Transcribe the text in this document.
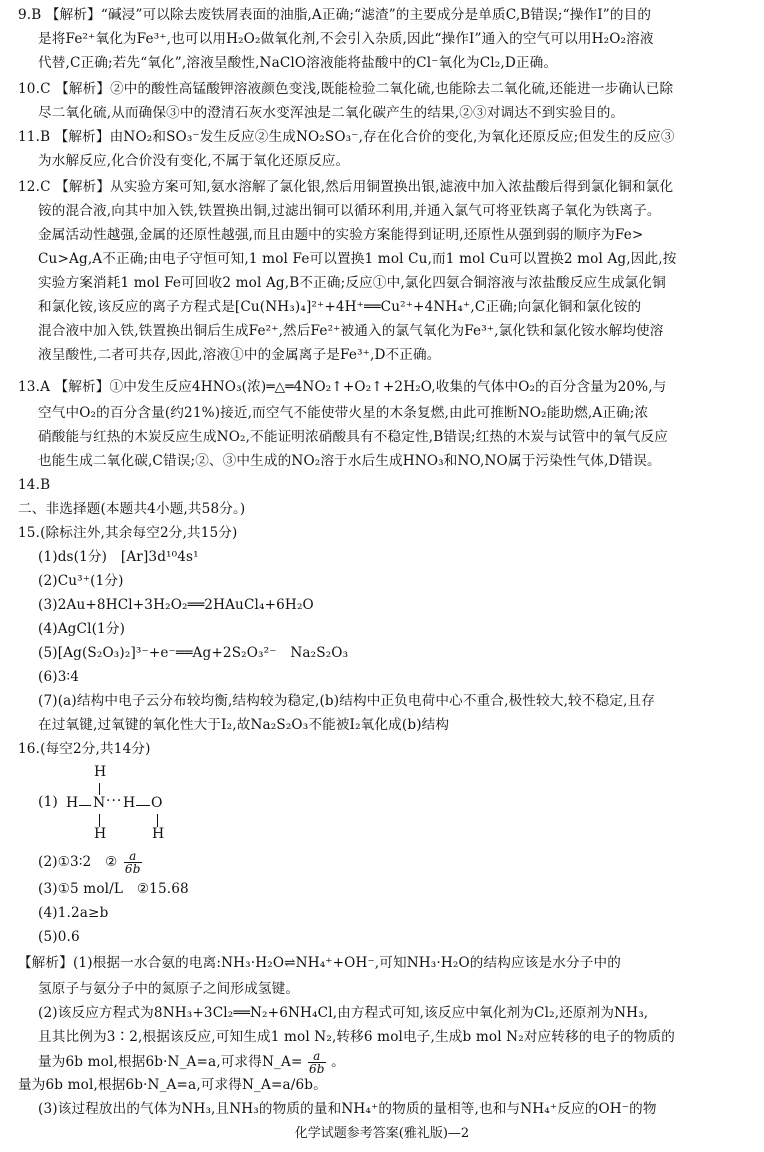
9.B 【解析】“碱浸”可以除去废铁屑表面的油脂,A正确;“滤渣”的主要成分是单质C,B错误;“操作Ⅰ”的目的
是将Fe²⁺氧化为Fe³⁺,也可以用H₂O₂做氧化剂,不会引入杂质,因此“操作Ⅰ”通入的空气可以用H₂O₂溶液
代替,C正确;若先“氧化”,溶液呈酸性,NaClO溶液能将盐酸中的Cl⁻氧化为Cl₂,D正确。
10.C 【解析】②中的酸性高锰酸钾溶液颜色变浅,既能检验二氧化硫,也能除去二氧化硫,还能进一步确认已除
尽二氧化硫,从而确保③中的澄清石灰水变浑浊是二氧化碳产生的结果,②③对调达不到实验目的。
11.B 【解析】由NO₂和SO₃⁻发生反应②生成NO₂SO₃⁻,存在化合价的变化,为氧化还原反应;但发生的反应③
为水解反应,化合价没有变化,不属于氧化还原反应。
12.C 【解析】从实验方案可知,氨水溶解了氯化银,然后用铜置换出银,滤液中加入浓盐酸后得到氯化铜和氯化
铵的混合液,向其中加入铁,铁置换出铜,过滤出铜可以循环利用,并通入氯气可将亚铁离子氧化为铁离子。
金属活动性越强,金属的还原性越强,而且由题中的实验方案能得到证明,还原性从强到弱的顺序为Fe>
Cu>Ag,A不正确;由电子守恒可知,1 mol Fe可以置换1 mol Cu,而1 mol Cu可以置换2 mol Ag,因此,按
实验方案消耗1 mol Fe可回收2 mol Ag,B不正确;反应①中,氯化四氨合铜溶液与浓盐酸反应生成氯化铜
和氯化铵,该反应的离子方程式是[Cu(NH₃)₄]²⁺+4H⁺══Cu²⁺+4NH₄⁺,C正确;向氯化铜和氯化铵的
混合液中加入铁,铁置换出铜后生成Fe²⁺,然后Fe²⁺被通入的氯气氧化为Fe³⁺,氯化铁和氯化铵水解均使溶
液呈酸性,二者可共存,因此,溶液①中的金属离子是Fe³⁺,D不正确。
13.A 【解析】①中发生反应4HNO₃(浓)═△═4NO₂↑+O₂↑+2H₂O,收集的气体中O₂的百分含量为20%,与
空气中O₂的百分含量(约21%)接近,而空气不能使带火星的木条复燃,由此可推断NO₂能助燃,A正确;浓
硝酸能与红热的木炭反应生成NO₂,不能证明浓硝酸具有不稳定性,B错误;红热的木炭与试管中的氧气反应
也能生成二氧化碳,C错误;②、③中生成的NO₂溶于水后生成HNO₃和NO,NO属于污染性气体,D错误。
14.B
二、非选择题(本题共4小题,共58分。)
15.(除标注外,其余每空2分,共15分)
(1)ds(1分)　[Ar]3d¹⁰4s¹
(2)Cu³⁺(1分)
(3)2Au+8HCl+3H₂O₂══2HAuCl₄+6H₂O
(4)AgCl(1分)
(5)[Ag(S₂O₃)₂]³⁻+e⁻══Ag+2S₂O₃²⁻　Na₂S₂O₃
(6)3∶4
(7)(a)结构中电子云分布较均衡,结构较为稳定,(b)结构中正负电荷中心不重合,极性较大,较不稳定,且存
在过氧键,过氧键的氧化性大于I₂,故Na₂S₂O₃不能被I₂氧化成(b)结构
16.(每空2分,共14分)
(1)
H
H N ··· H O
H	H
(2)①3∶2　② $\frac{a}{6b}$
(3)①5 mol/L　②15.68
(4)1.2a≥b
(5)0.6
【解析】(1)根据一水合氨的电离:NH₃·H₂O⇌NH₄⁺+OH⁻,可知NH₃·H₂O的结构应该是水分子中的
氢原子与氨分子中的氮原子之间形成氢键。
(2)该反应方程式为8NH₃+3Cl₂══N₂+6NH₄Cl,由方程式可知,该反应中氧化剂为Cl₂,还原剂为NH₃,
且其比例为3∶2,根据该反应,可知生成1 mol N₂,转移6 mol电子,生成b mol N₂对应转移的电子的物质的
量为6b mol,根据6b·N_A=a,可求得N_A= $\frac{a}{6b}$ 。
量为6b mol,根据6b·N_A=a,可求得N_A=a/6b。
(3)该过程放出的气体为NH₃,且NH₃的物质的量和NH₄⁺的物质的量相等,也和与NH₄⁺反应的OH⁻的物
化学试题参考答案(雅礼版)—2
